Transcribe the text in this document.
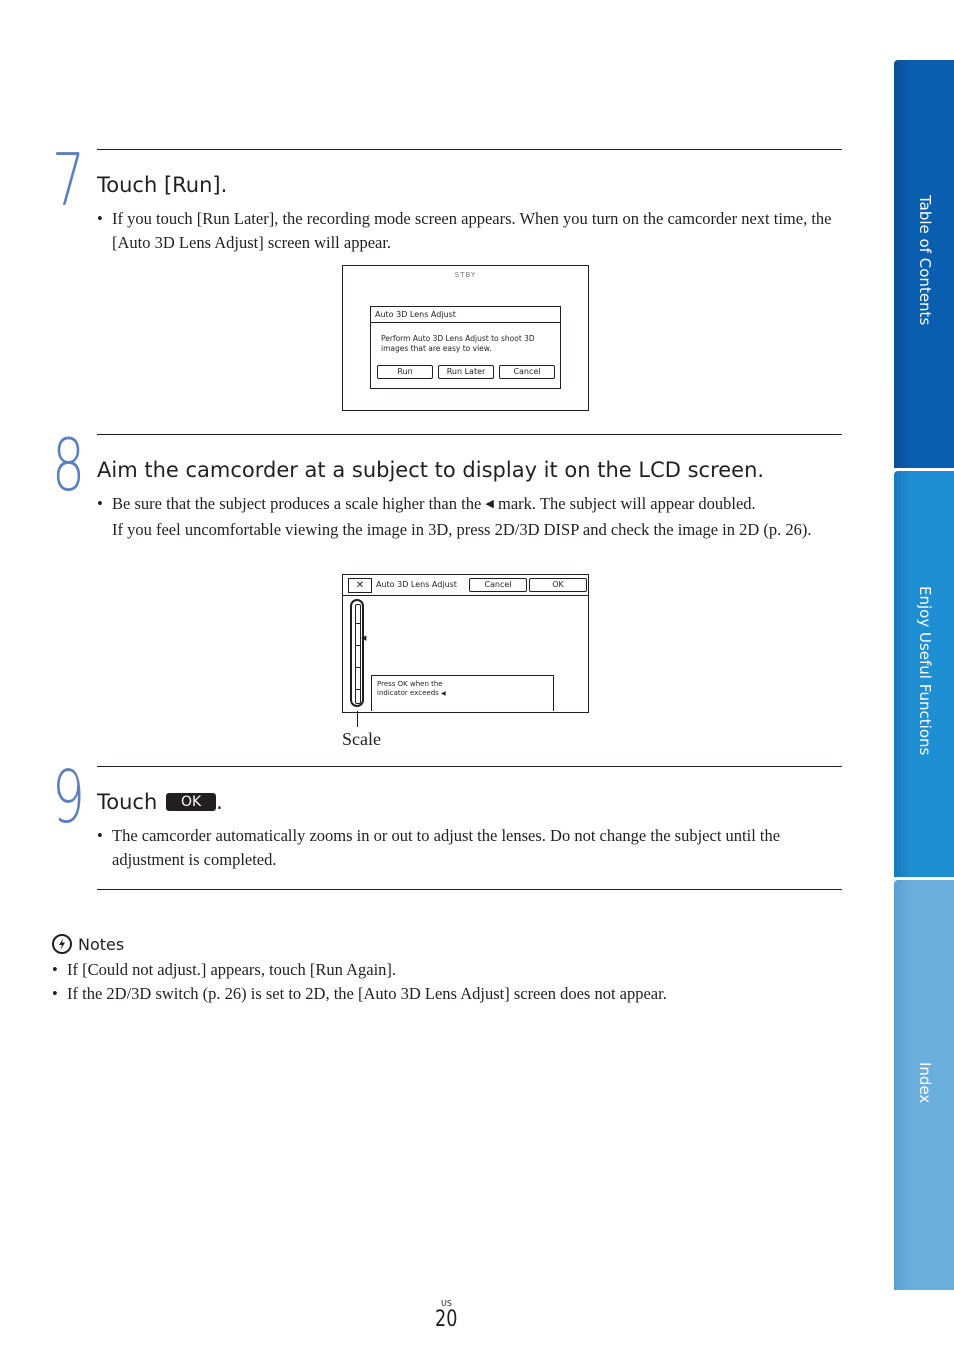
7 Touch [Run].
• If you touch [Run Later], the recording mode screen appears. When you turn on the camcorder next time, the [Auto 3D Lens Adjust] screen will appear.
STBY
Auto 3D Lens Adjust
Perform Auto 3D Lens Adjust to shoot 3D
images that are easy to view.
Run	Run Later	Cancel
8 Aim the camcorder at a subject to display it on the LCD screen.
• Be sure that the subject produces a scale higher than the ◀ mark. The subject will appear doubled.
If you feel uncomfortable viewing the image in 3D, press 2D/3D DISP and check the image in 2D (p. 26).
✕	Auto 3D Lens Adjust	Cancel	OK
◀
Press OK when the
indicator exceeds ◀
Scale
9 Touch OK .
• The camcorder automatically zooms in or out to adjust the lenses. Do not change the subject until the adjustment is completed.
Notes
• If [Could not adjust.] appears, touch [Run Again].
• If the 2D/3D switch (p. 26) is set to 2D, the [Auto 3D Lens Adjust] screen does not appear.
US
20
Table of Contents
Enjoy Useful Functions
Index
